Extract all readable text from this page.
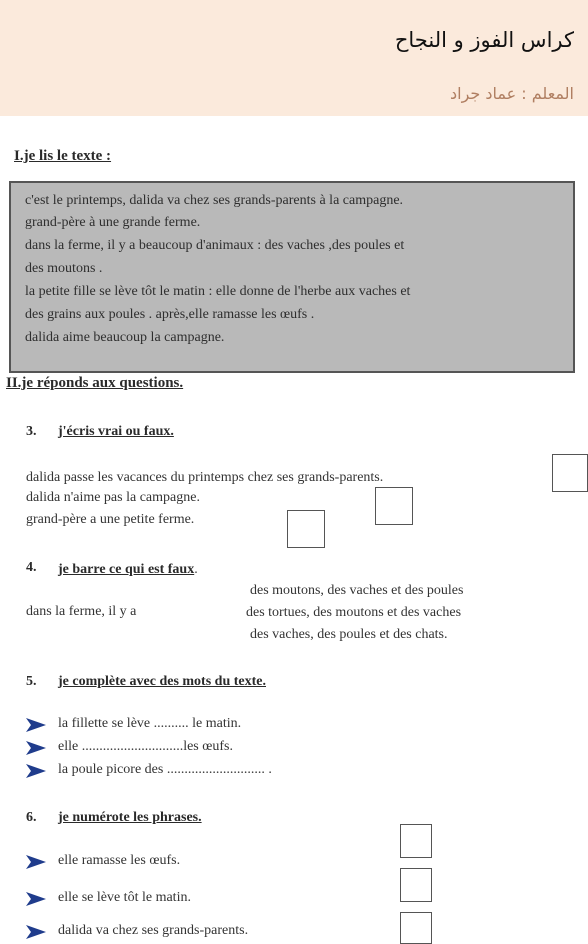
كراس الفوز و النجاح
المعلم : عماد جراد
I.je lis le texte :

c'est le printemps, dalida va chez ses grands-parents à la campagne.

grand-père à une grande ferme.

dans la ferme, il y a beaucoup d'animaux : des vaches ,des poules et

des moutons .

la petite fille se lève tôt le matin : elle donne de l'herbe aux vaches et

des grains aux poules . après,elle ramasse les œufs .

dalida aime beaucoup la campagne.

II.je réponds aux questions.
3. j'écris vrai ou faux.
dalida passe les vacances du printemps chez ses grands-parents.
dalida n'aime pas la campagne.
grand-père a une petite ferme.
4. je barre ce qui est faux.
dans la ferme, il y a
des moutons, des vaches et des poules
des tortues, des moutons et des vaches
des vaches, des poules et des chats.
5. je complète avec des mots du texte.
la fillette se lève .......... le matin.
elle .............................les œufs.
la poule picore des ............................ .
6. je numérote les phrases.
elle ramasse les œufs.
elle se lève tôt le matin.
dalida va chez ses grands-parents.
